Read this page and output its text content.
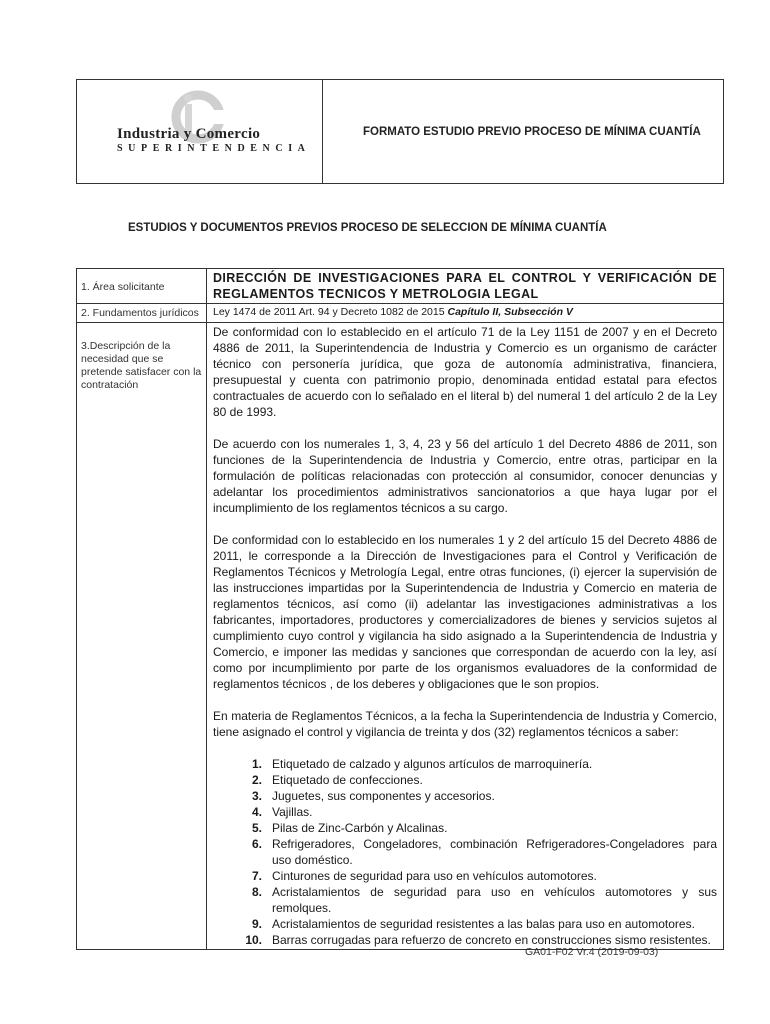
Industria y Comercio
SUPERINTENDENCIA
FORMATO ESTUDIO PREVIO PROCESO DE MÍNIMA CUANTÍA
ESTUDIOS Y DOCUMENTOS PREVIOS PROCESO DE SELECCION DE MÍNIMA CUANTÍA
1. Área solicitante
DIRECCIÓN DE INVESTIGACIONES PARA EL CONTROL Y VERIFICACIÓN DE REGLAMENTOS TECNICOS Y METROLOGIA LEGAL
2. Fundamentos jurídicos	Ley 1474 de 2011 Art. 94 y Decreto 1082 de 2015 Capítulo II, Subsección V
3.Descripción de la necesidad que se pretende satisfacer con la contratación

De conformidad con lo establecido en el artículo 71 de la Ley 1151 de 2007 y en el Decreto 4886 de 2011, la Superintendencia de Industria y Comercio es un organismo de carácter técnico con personería jurídica, que goza de autonomía administrativa, financiera, presupuestal y cuenta con patrimonio propio, denominada entidad estatal para efectos contractuales de acuerdo con lo señalado en el literal b) del numeral 1 del artículo 2 de la Ley 80 de 1993.

De acuerdo con los numerales 1, 3, 4, 23 y 56 del artículo 1 del Decreto 4886 de 2011, son funciones de la Superintendencia de Industria y Comercio, entre otras, participar en la formulación de políticas relacionadas con protección al consumidor, conocer denuncias y adelantar los procedimientos administrativos sancionatorios a que haya lugar por el incumplimiento de los reglamentos técnicos a su cargo.

De conformidad con lo establecido en los numerales 1 y 2 del artículo 15 del Decreto 4886 de 2011, le corresponde a la Dirección de Investigaciones para el Control y Verificación de Reglamentos Técnicos y Metrología Legal, entre otras funciones, (i) ejercer la supervisión de las instrucciones impartidas por la Superintendencia de Industria y Comercio en materia de reglamentos técnicos, así como (ii) adelantar las investigaciones administrativas a los fabricantes, importadores, productores y comercializadores de bienes y servicios sujetos al cumplimiento cuyo control y vigilancia ha sido asignado a la Superintendencia de Industria y Comercio, e imponer las medidas y sanciones que correspondan de acuerdo con la ley, así como por incumplimiento por parte de los organismos evaluadores de la conformidad de reglamentos técnicos , de los deberes y obligaciones que le son propios.

En materia de Reglamentos Técnicos, a la fecha la Superintendencia de Industria y Comercio, tiene asignado el control y vigilancia de treinta y dos (32) reglamentos técnicos a saber:

1. Etiquetado de calzado y algunos artículos de marroquinería.
2. Etiquetado de confecciones.
3. Juguetes, sus componentes y accesorios.
4. Vajillas.
5. Pilas de Zinc-Carbón y Alcalinas.
6. Refrigeradores, Congeladores, combinación Refrigeradores-Congeladores para uso doméstico.
7. Cinturones de seguridad para uso en vehículos automotores.
8. Acristalamientos de seguridad para uso en vehículos automotores y sus remolques.
9. Acristalamientos de seguridad resistentes a las balas para uso en automotores.
10. Barras corrugadas para refuerzo de concreto en construcciones sismo resistentes.
GA01-F02 Vr.4 (2019-09-03)
